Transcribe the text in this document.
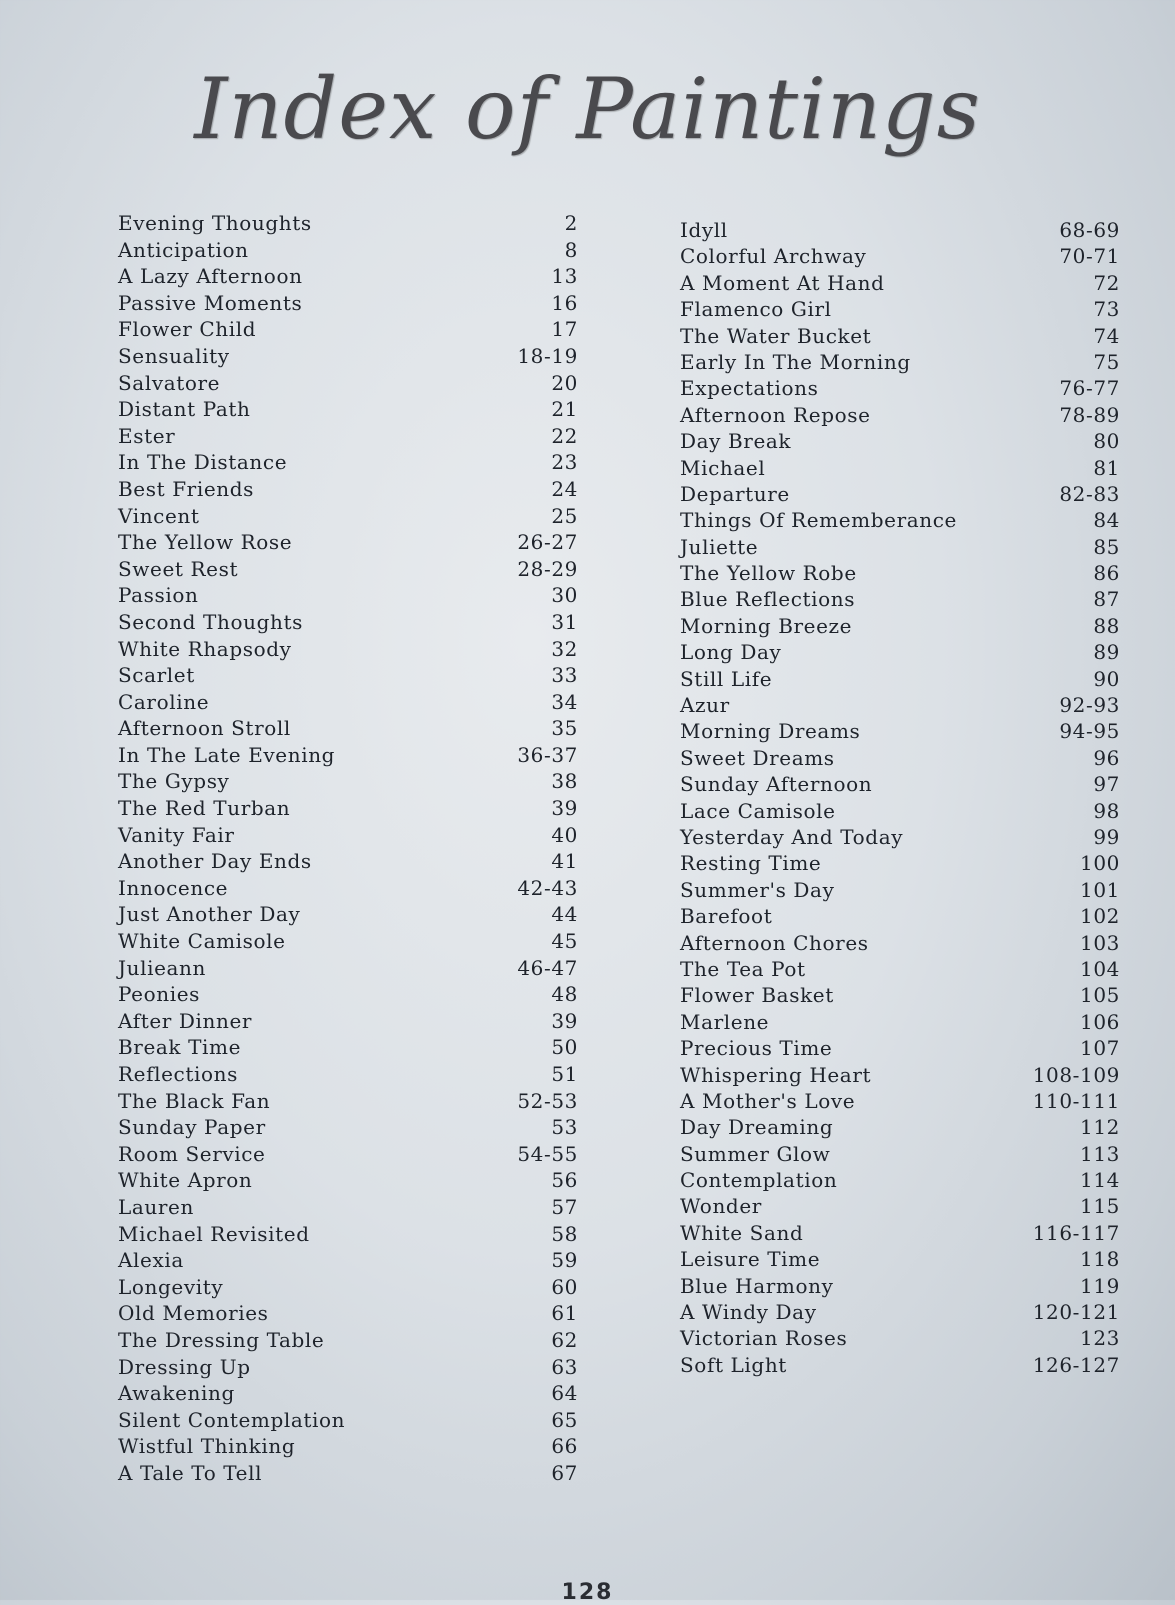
Index of Paintings
Evening Thoughts	2
Anticipation	8
A Lazy Afternoon	13
Passive Moments	16
Flower Child	17
Sensuality	18-19
Salvatore	20
Distant Path	21
Ester	22
In The Distance	23
Best Friends	24
Vincent	25
The Yellow Rose	26-27
Sweet Rest	28-29
Passion	30
Second Thoughts	31
White Rhapsody	32
Scarlet	33
Caroline	34
Afternoon Stroll	35
In The Late Evening	36-37
The Gypsy	38
The Red Turban	39
Vanity Fair	40
Another Day Ends	41
Innocence	42-43
Just Another Day	44
White Camisole	45
Julieann	46-47
Peonies	48
After Dinner	39
Break Time	50
Reflections	51
The Black Fan	52-53
Sunday Paper	53
Room Service	54-55
White Apron	56
Lauren	57
Michael Revisited	58
Alexia	59
Longevity	60
Old Memories	61
The Dressing Table	62
Dressing Up	63
Awakening	64
Silent Contemplation	65
Wistful Thinking	66
A Tale To Tell	67
Idyll	68-69
Colorful Archway	70-71
A Moment At Hand	72
Flamenco Girl	73
The Water Bucket	74
Early In The Morning	75
Expectations	76-77
Afternoon Repose	78-89
Day Break	80
Michael	81
Departure	82-83
Things Of Rememberance	84
Juliette	85
The Yellow Robe	86
Blue Reflections	87
Morning Breeze	88
Long Day	89
Still Life	90
Azur	92-93
Morning Dreams	94-95
Sweet Dreams	96
Sunday Afternoon	97
Lace Camisole	98
Yesterday And Today	99
Resting Time	100
Summer's Day	101
Barefoot	102
Afternoon Chores	103
The Tea Pot	104
Flower Basket	105
Marlene	106
Precious Time	107
Whispering Heart	108-109
A Mother's Love	110-111
Day Dreaming	112
Summer Glow	113
Contemplation	114
Wonder	115
White Sand	116-117
Leisure Time	118
Blue Harmony	119
A Windy Day	120-121
Victorian Roses	123
Soft Light	126-127
128
